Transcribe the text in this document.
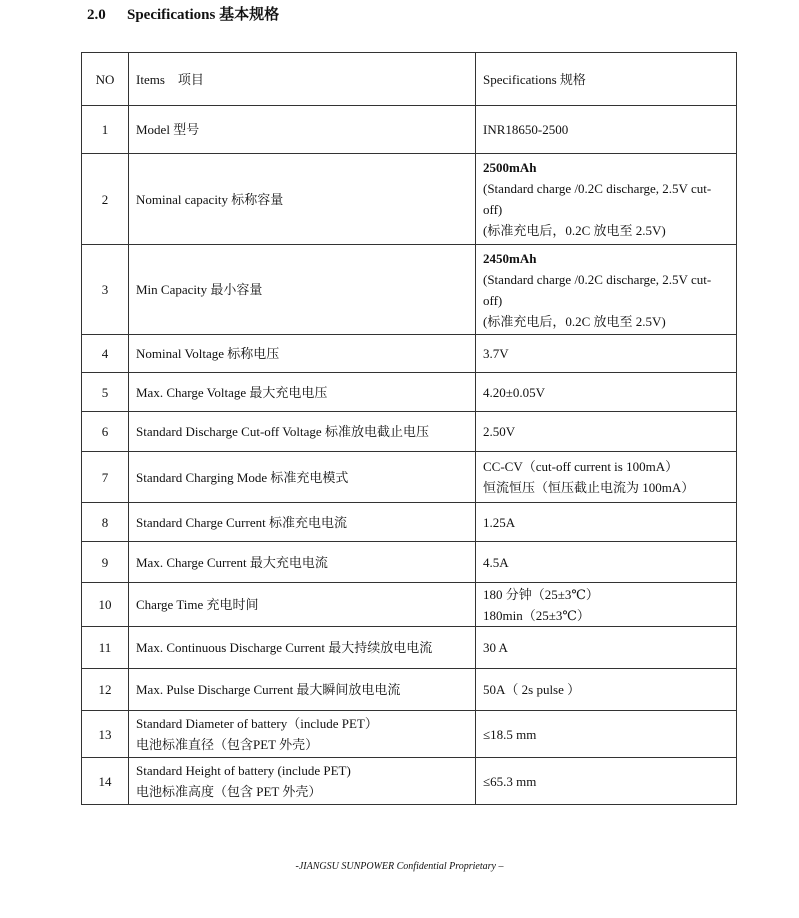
2.0 Specifications 基本规格
NO	Items　项目	Specifications 规格
1	Model 型号	INR18650-2500

2	Nominal capacity 标称容量	2500mAh
(Standard charge /0.2C discharge, 2.5V cut-off)
(标准充电后，0.2C 放电至 2.5V)

3	Min Capacity 最小容量	2450mAh
(Standard charge /0.2C discharge, 2.5V cut-off)
(标准充电后，0.2C 放电至 2.5V)

4	Nominal Voltage 标称电压	3.7V

5	Max. Charge Voltage 最大充电电压	4.20±0.05V

6	Standard Discharge Cut-off Voltage 标准放电截止电压	2.50V

7	Standard Charging Mode 标准充电模式	CC-CV（cut-off current is 100mA）
恒流恒压（恒压截止电流为 100mA）

8	Standard Charge Current 标准充电电流	1.25A

9	Max. Charge Current 最大充电电流	4.5A

10	Charge Time 充电时间	180 分钟（25±3℃）
180min（25±3℃）

11	Max. Continuous Discharge Current 最大持续放电电流	30 A

12	Max. Pulse Discharge Current 最大瞬间放电电流	50A（ 2s pulse ）

13	Standard Diameter of battery（include PET）
电池标准直径（包含PET 外壳）	≤18.5 mm

14	Standard Height of battery (include PET)
电池标准高度（包含 PET 外壳）	≤65.3 mm
-JIANGSU SUNPOWER Confidential Proprietary –
